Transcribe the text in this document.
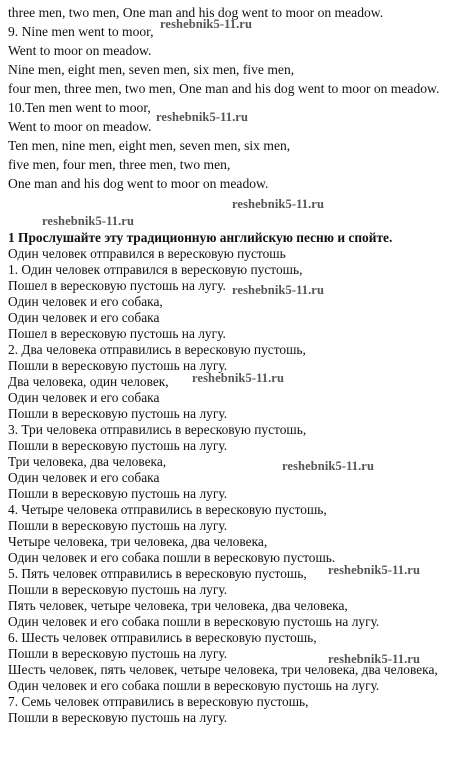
three men, two men, One man and his dog went to moor on meadow.
9. Nine men went to moor,
Went to moor on meadow.
Nine men, eight men, seven men, six men, five men,
four men, three men, two men, One man and his dog went to moor on meadow.
10.Ten men went to moor,
Went to moor on meadow.
Ten men, nine men, eight men, seven men, six men,
five men, four men, three men, two men,
One man and his dog went to moor on meadow.
1 Прослушайте эту традиционную английскую песню и спойте.
Один человек отправился в вересковую пустошь
1. Один человек отправился в вересковую пустошь,
Пошел в вересковую пустошь на лугу.
Один человек и его собака,
Один человек и его собака
Пошел в вересковую пустошь на лугу.
2. Два человека отправились в вересковую пустошь,
Пошли в вересковую пустошь на лугу.
Два человека, один человек,
Один человек и его собака
Пошли в вересковую пустошь на лугу.
3. Три человека отправились в вересковую пустошь,
Пошли в вересковую пустошь на лугу.
Три человека, два человека,
Один человек и его собака
Пошли в вересковую пустошь на лугу.
4. Четыре человека отправились в вересковую пустошь,
Пошли в вересковую пустошь на лугу.
Четыре человека, три человека, два человека,
Один человек и его собака пошли в вересковую пустошь.
5. Пять человек отправились в вересковую пустошь,
Пошли в вересковую пустошь на лугу.
Пять человек, четыре человека, три человека, два человека,
Один человек и его собака пошли в вересковую пустошь на лугу.
6. Шесть человек отправились в вересковую пустошь,
Пошли в вересковую пустошь на лугу.
Шесть человек, пять человек, четыре человека, три человека, два человека,
Один человек и его собака пошли в вересковую пустошь на лугу.
7. Семь человек отправились в вересковую пустошь,
Пошли в вересковую пустошь на лугу.
reshebnik5-11.ru
reshebnik5-11.ru
reshebnik5-11.ru
reshebnik5-11.ru
reshebnik5-11.ru
reshebnik5-11.ru
reshebnik5-11.ru
reshebnik5-11.ru
reshebnik5-11.ru
